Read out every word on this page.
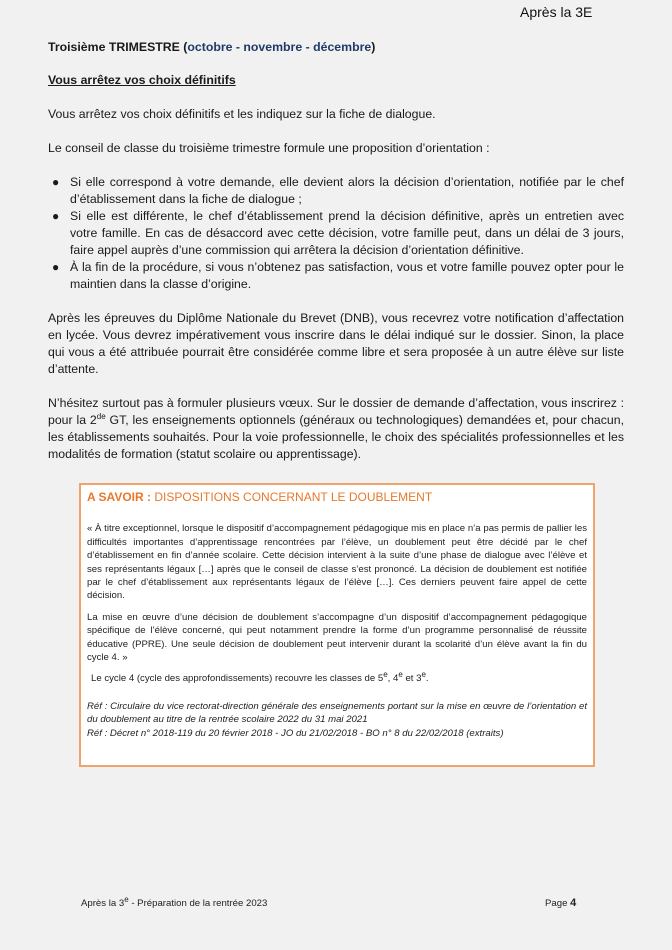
Après la 3E

Troisième TRIMESTRE (octobre - novembre - décembre)

Vous arrêtez vos choix définitifs

Vous arrêtez vos choix définitifs et les indiquez sur la fiche de dialogue.

Le conseil de classe du troisième trimestre formule une proposition d’orientation :

● Si elle correspond à votre demande, elle devient alors la décision d’orientation, notifiée par le chef d’établissement dans la fiche de dialogue ;
● Si elle est différente, le chef d’établissement prend la décision définitive, après un entretien avec votre famille. En cas de désaccord avec cette décision, votre famille peut, dans un délai de 3 jours, faire appel auprès d’une commission qui arrêtera la décision d’orientation définitive.
● À la fin de la procédure, si vous n’obtenez pas satisfaction, vous et votre famille pouvez opter pour le maintien dans la classe d’origine.

Après les épreuves du Diplôme Nationale du Brevet (DNB), vous recevrez votre notification d’affectation en lycée. Vous devrez impérativement vous inscrire dans le délai indiqué sur le dossier. Sinon, la place qui vous a été attribuée pourrait être considérée comme libre et sera proposée à un autre élève sur liste d’attente.

N’hésitez surtout pas à formuler plusieurs vœux. Sur le dossier de demande d’affectation, vous inscrirez : pour la 2de GT, les enseignements optionnels (généraux ou technologiques) demandées et, pour chacun, les établissements souhaités. Pour la voie professionnelle, le choix des spécialités professionnelles et les modalités de formation (statut scolaire ou apprentissage).

A SAVOIR : DISPOSITIONS CONCERNANT LE DOUBLEMENT

« À titre exceptionnel, lorsque le dispositif d’accompagnement pédagogique mis en place n’a pas permis de pallier les difficultés importantes d’apprentissage rencontrées par l’élève, un doublement peut être décidé par le chef d’établissement en fin d’année scolaire. Cette décision intervient à la suite d’une phase de dialogue avec l’élève et ses représentants légaux […] après que le conseil de classe s’est prononcé. La décision de doublement est notifiée par le chef d’établissement aux représentants légaux de l’élève […]. Ces derniers peuvent faire appel de cette décision.

La mise en œuvre d’une décision de doublement s’accompagne d’un dispositif d’accompagnement pédagogique spécifique de l’élève concerné, qui peut notamment prendre la forme d’un programme personnalisé de réussite éducative (PPRE). Une seule décision de doublement peut intervenir durant la scolarité d’un élève avant la fin du cycle 4. »

Le cycle 4 (cycle des approfondissements) recouvre les classes de 5e, 4e et 3e.

Réf : Circulaire du vice rectorat-direction générale des enseignements portant sur la mise en œuvre de l’orientation et du doublement au titre de la rentrée scolaire 2022 du 31 mai 2021

Réf : Décret n° 2018-119 du 20 février 2018 - JO du 21/02/2018 - BO n° 8 du 22/02/2018 (extraits)

Après la 3e - Préparation de la rentrée 2023	Page 4
